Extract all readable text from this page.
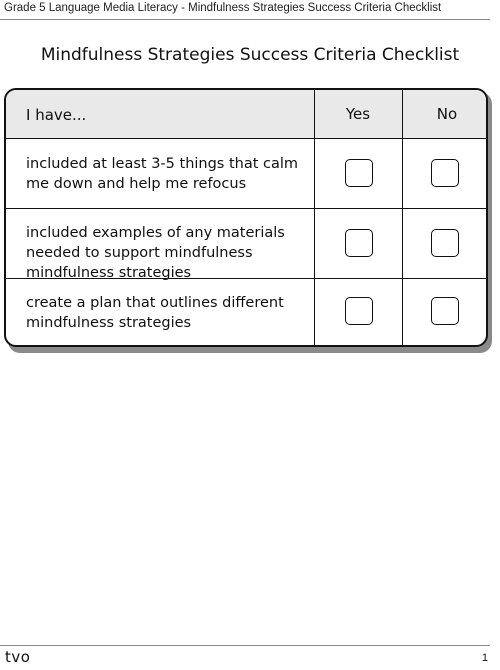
Grade 5 Language Media Literacy - Mindfulness Strategies Success Criteria Checklist
Mindfulness Strategies Success Criteria Checklist
I have...	Yes	No
included at least 3-5 things that calm me down and help me refocus
included examples of any materials needed to support mindfulness mindfulness strategies
create a plan that outlines different mindfulness strategies
tvo	1
